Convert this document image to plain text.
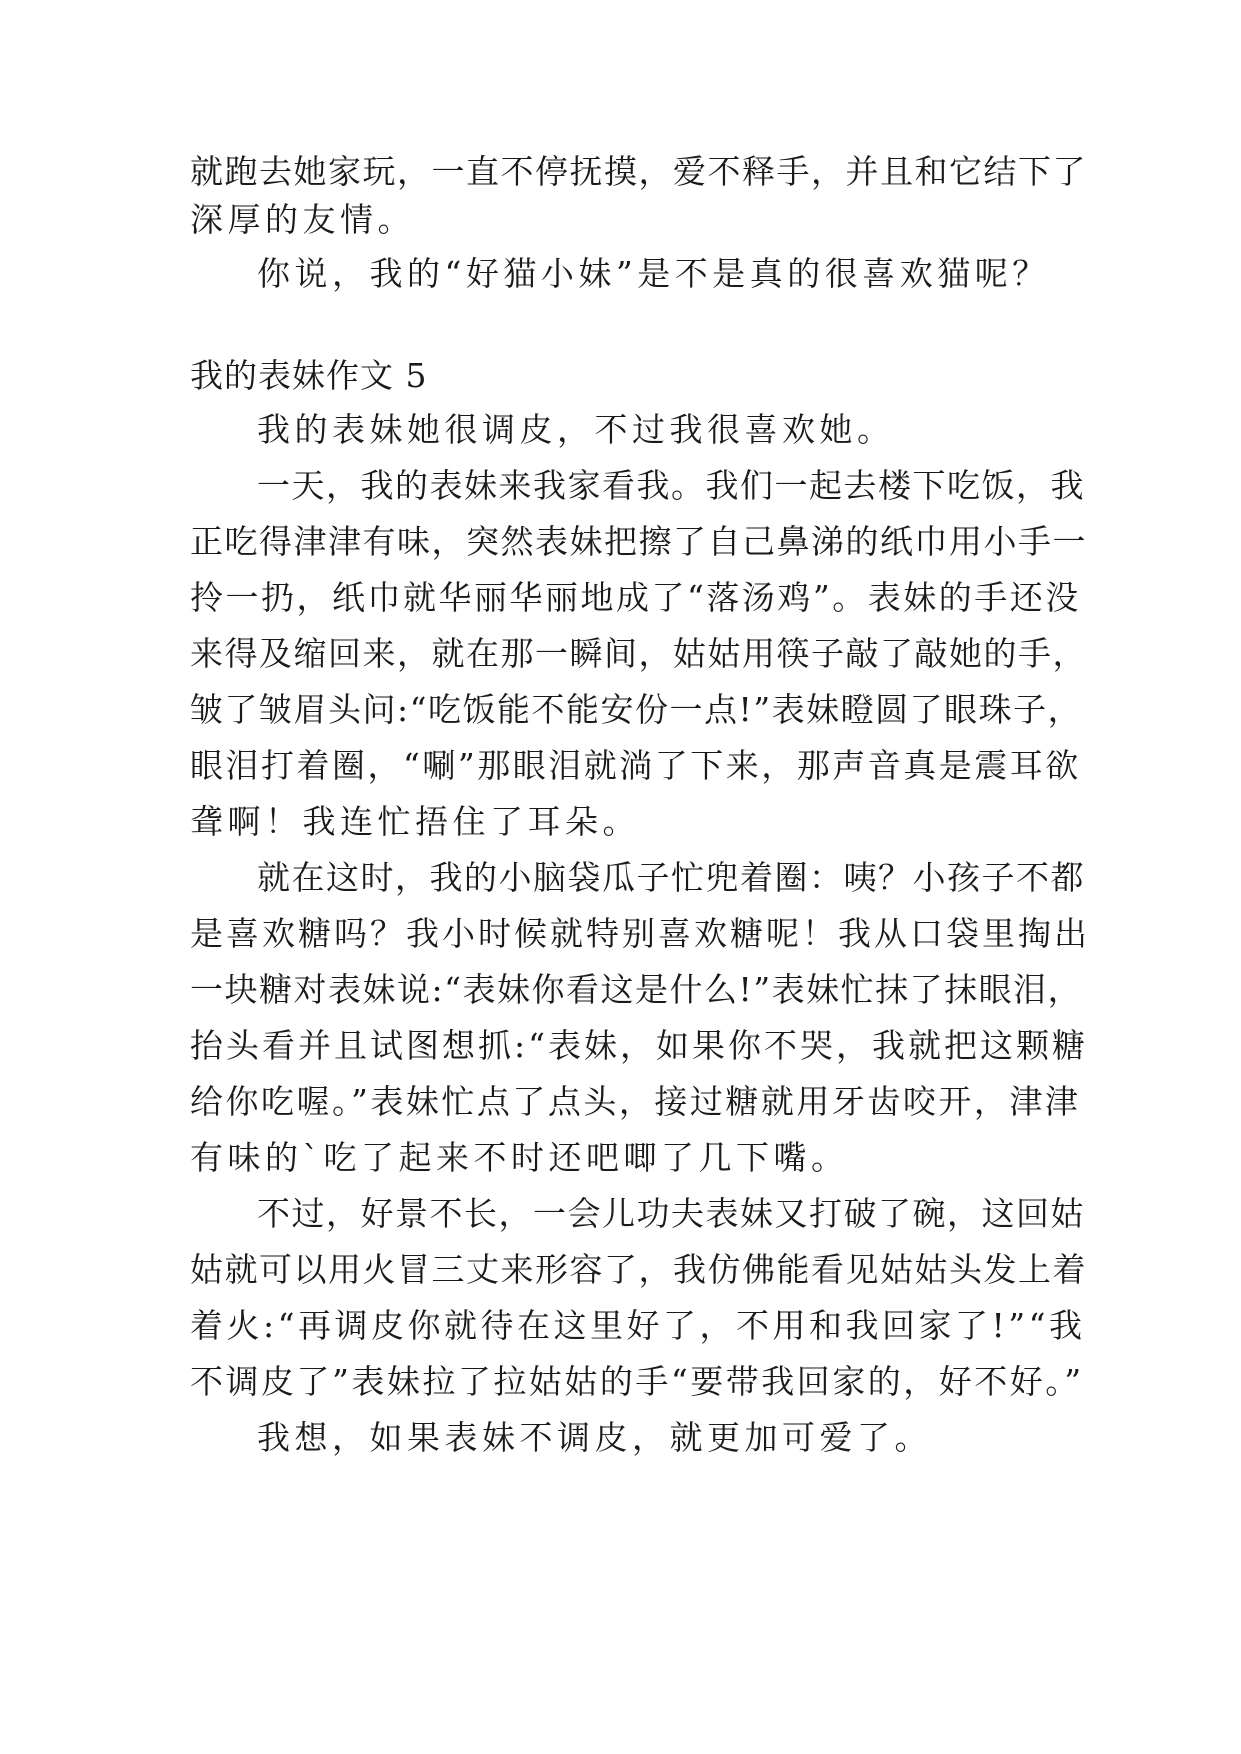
就跑去她家玩，一直不停抚摸，爱不释手，并且和它结下了
深厚的友情。
你说，我的“好猫小妹”是不是真的很喜欢猫呢？
我的表妹作文 5
我的表妹她很调皮，不过我很喜欢她。
一天，我的表妹来我家看我。我们一起去楼下吃饭，我
正吃得津津有味，突然表妹把擦了自己鼻涕的纸巾用小手一
拎一扔，纸巾就华丽华丽地成了“落汤鸡”。表妹的手还没
来得及缩回来，就在那一瞬间，姑姑用筷子敲了敲她的手，
皱了皱眉头问:“吃饭能不能安份一点!”表妹瞪圆了眼珠子，
眼泪打着圈，“唰”那眼泪就淌了下来，那声音真是震耳欲
聋啊！我连忙捂住了耳朵。
就在这时，我的小脑袋瓜子忙兜着圈：咦？小孩子不都
是喜欢糖吗？我小时候就特别喜欢糖呢！我从口袋里掏出
一块糖对表妹说:“表妹你看这是什么!”表妹忙抹了抹眼泪，
抬头看并且试图想抓:“表妹，如果你不哭，我就把这颗糖
给你吃喔。”表妹忙点了点头，接过糖就用牙齿咬开，津津
有味的`吃了起来不时还吧唧了几下嘴。
不过，好景不长，一会儿功夫表妹又打破了碗，这回姑
姑就可以用火冒三丈来形容了，我仿佛能看见姑姑头发上着
着火:“再调皮你就待在这里好了，不用和我回家了!”“我
不调皮了”表妹拉了拉姑姑的手“要带我回家的，好不好。”
我想，如果表妹不调皮，就更加可爱了。
